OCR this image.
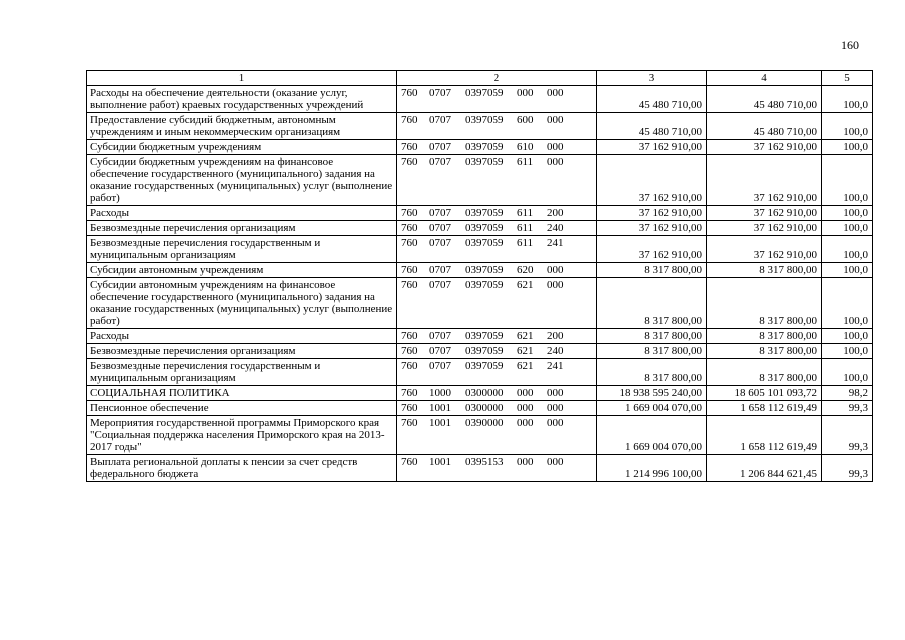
160
1	2	3	4	5
Расходы на обеспечение деятельности (оказание услуг, выполнение работ) краевых государственных учреждений	760 0707 0397059 000 000	45 480 710,00	45 480 710,00	100,0
Предоставление субсидий бюджетным, автономным учреждениям и иным некоммерческим организациям	760 0707 0397059 600 000	45 480 710,00	45 480 710,00	100,0
Субсидии бюджетным учреждениям	760 0707 0397059 610 000	37 162 910,00	37 162 910,00	100,0
Субсидии бюджетным учреждениям на финансовое обеспечение государственного (муниципального) задания на оказание государственных (муниципальных) услуг (выполнение работ)	760 0707 0397059 611 000	37 162 910,00	37 162 910,00	100,0
Расходы	760 0707 0397059 611 200	37 162 910,00	37 162 910,00	100,0
Безвозмездные перечисления организациям	760 0707 0397059 611 240	37 162 910,00	37 162 910,00	100,0
Безвозмездные перечисления государственным и муниципальным организациям	760 0707 0397059 611 241	37 162 910,00	37 162 910,00	100,0
Субсидии автономным учреждениям	760 0707 0397059 620 000	8 317 800,00	8 317 800,00	100,0
Субсидии автономным учреждениям на финансовое обеспечение государственного (муниципального) задания на оказание государственных (муниципальных) услуг (выполнение работ)	760 0707 0397059 621 000	8 317 800,00	8 317 800,00	100,0
Расходы	760 0707 0397059 621 200	8 317 800,00	8 317 800,00	100,0
Безвозмездные перечисления организациям	760 0707 0397059 621 240	8 317 800,00	8 317 800,00	100,0
Безвозмездные перечисления государственным и муниципальным организациям	760 0707 0397059 621 241	8 317 800,00	8 317 800,00	100,0
СОЦИАЛЬНАЯ ПОЛИТИКА	760 1000 0300000 000 000	18 938 595 240,00	18 605 101 093,72	98,2
Пенсионное обеспечение	760 1001 0300000 000 000	1 669 004 070,00	1 658 112 619,49	99,3
Мероприятия государственной программы Приморского края "Социальная поддержка населения Приморского края на 2013-2017 годы"	760 1001 0390000 000 000	1 669 004 070,00	1 658 112 619,49	99,3
Выплата региональной доплаты к пенсии за счет средств федерального бюджета	760 1001 0395153 000 000	1 214 996 100,00	1 206 844 621,45	99,3
